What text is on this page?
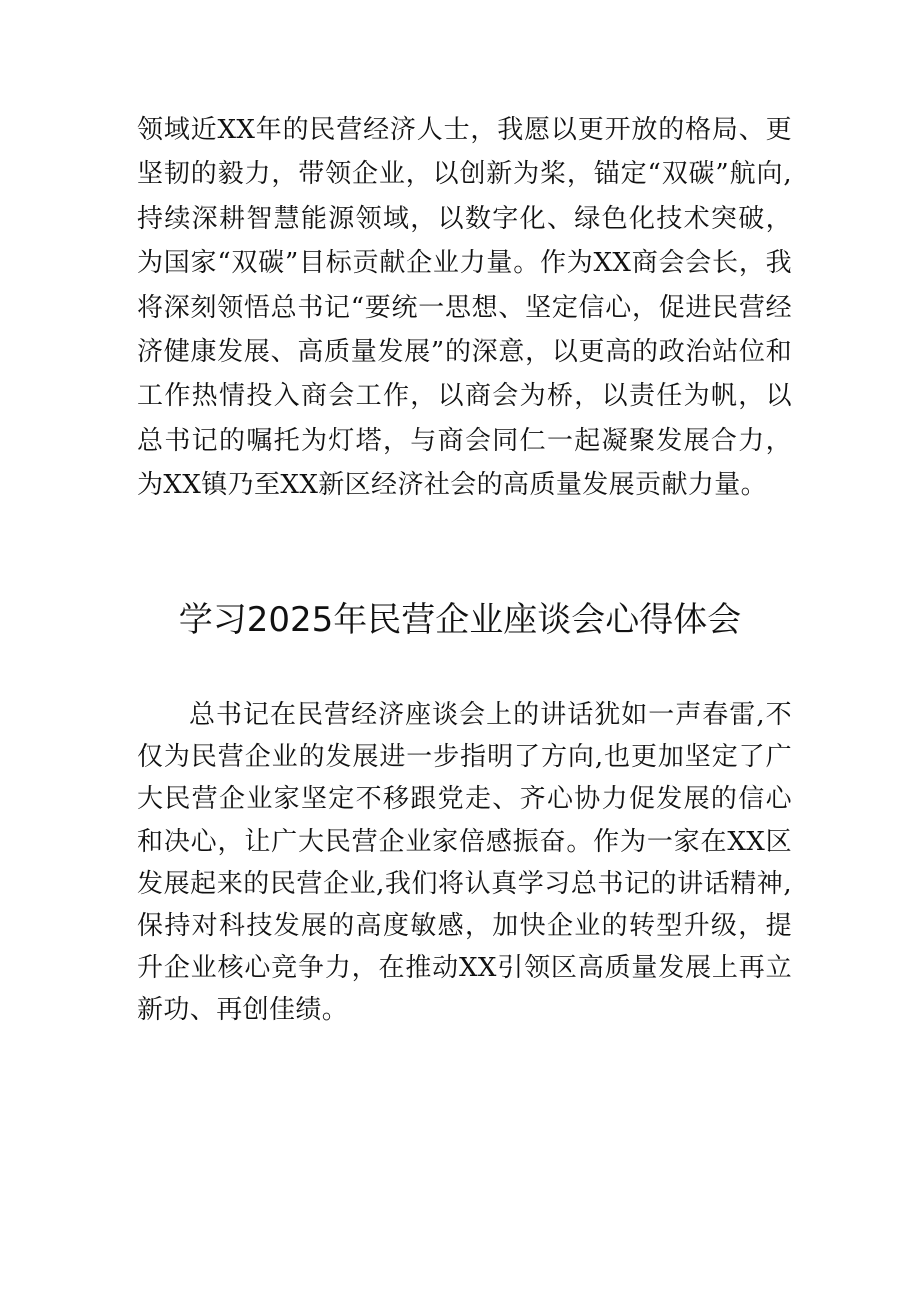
领域近XX年的民营经济人士，我愿以更开放的格局、更坚韧的毅力，带领企业，以创新为桨，锚定“双碳”航向,持续深耕智慧能源领域，以数字化、绿色化技术突破，为国家“双碳”目标贡献企业力量。作为XX商会会长，我将深刻领悟总书记“要统一思想、坚定信心，促进民营经济健康发展、高质量发展”的深意，以更高的政治站位和工作热情投入商会工作，以商会为桥，以责任为帆，以总书记的嘱托为灯塔，与商会同仁一起凝聚发展合力，为XX镇乃至XX新区经济社会的高质量发展贡献力量。

学习2025年民营企业座谈会心得体会

总书记在民营经济座谈会上的讲话犹如一声春雷,不仅为民营企业的发展进一步指明了方向,也更加坚定了广大民营企业家坚定不移跟党走、齐心协力促发展的信心和决心，让广大民营企业家倍感振奋。作为一家在XX区发展起来的民营企业,我们将认真学习总书记的讲话精神,保持对科技发展的高度敏感，加快企业的转型升级，提升企业核心竞争力，在推动XX引领区高质量发展上再立新功、再创佳绩。
